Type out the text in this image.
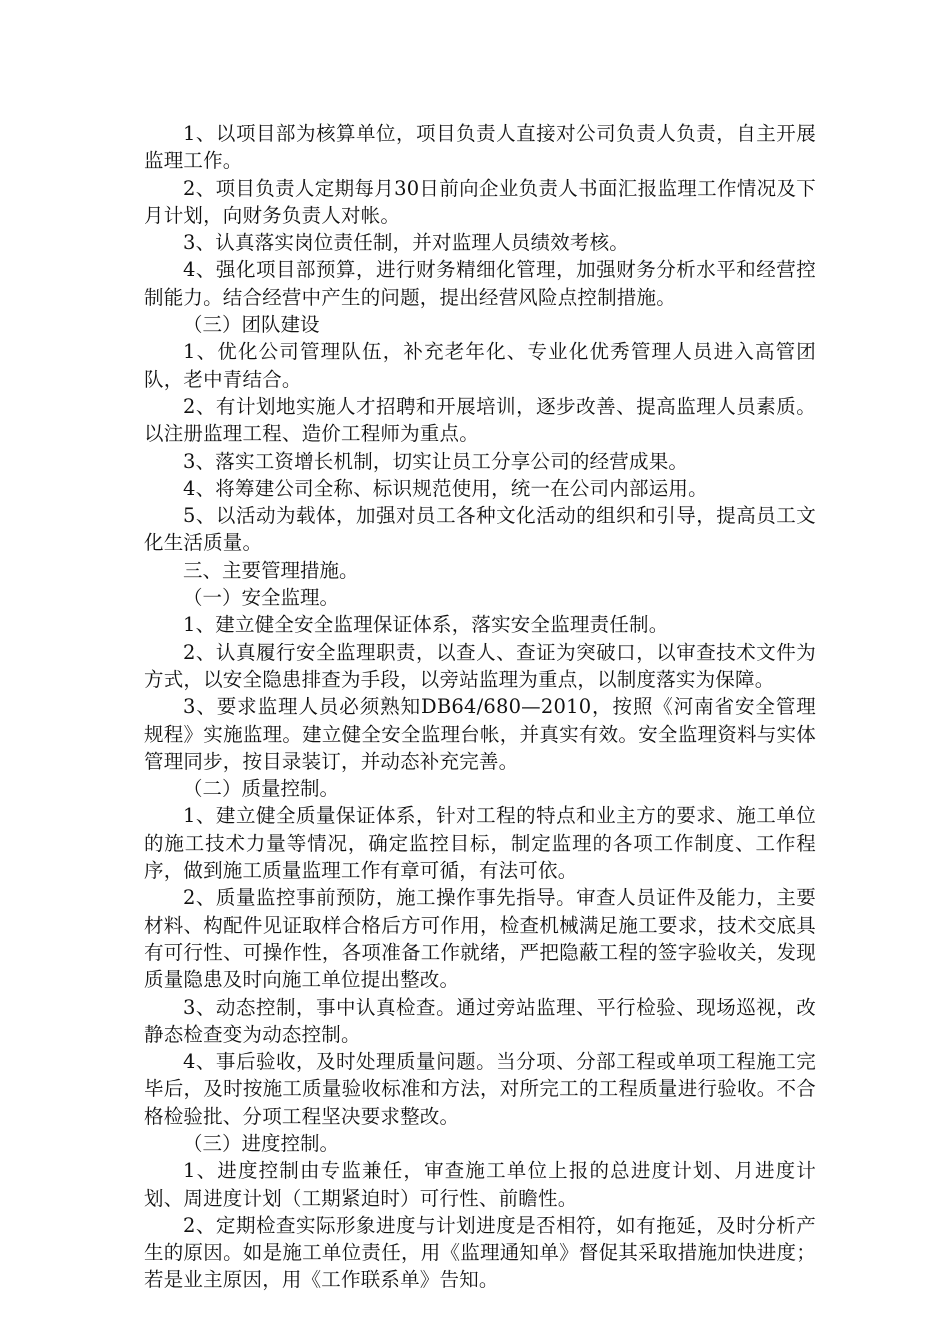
1、以项目部为核算单位，项目负责人直接对公司负责人负责，自主开展监理工作。

2、项目负责人定期每月30日前向企业负责人书面汇报监理工作情况及下月计划，向财务负责人对帐。

3、认真落实岗位责任制，并对监理人员绩效考核。

4、强化项目部预算，进行财务精细化管理，加强财务分析水平和经营控制能力。结合经营中产生的问题，提出经营风险点控制措施。

（三）团队建设

1、优化公司管理队伍，补充老年化、专业化优秀管理人员进入高管团队，老中青结合。

2、有计划地实施人才招聘和开展培训，逐步改善、提高监理人员素质。以注册监理工程、造价工程师为重点。

3、落实工资增长机制，切实让员工分享公司的经营成果。

4、将筹建公司全称、标识规范使用，统一在公司内部运用。

5、以活动为载体，加强对员工各种文化活动的组织和引导，提高员工文化生活质量。

三、主要管理措施。

（一）安全监理。

1、建立健全安全监理保证体系，落实安全监理责任制。

2、认真履行安全监理职责，以查人、查证为突破口，以审查技术文件为方式，以安全隐患排查为手段，以旁站监理为重点，以制度落实为保障。

3、要求监理人员必须熟知DB64/680—2010，按照《河南省安全管理规程》实施监理。建立健全安全监理台帐，并真实有效。安全监理资料与实体管理同步，按目录装订，并动态补充完善。

（二）质量控制。

1、建立健全质量保证体系，针对工程的特点和业主方的要求、施工单位的施工技术力量等情况，确定监控目标，制定监理的各项工作制度、工作程序，做到施工质量监理工作有章可循，有法可依。

2、质量监控事前预防，施工操作事先指导。审查人员证件及能力，主要材料、构配件见证取样合格后方可作用，检查机械满足施工要求，技术交底具有可行性、可操作性，各项准备工作就绪，严把隐蔽工程的签字验收关，发现质量隐患及时向施工单位提出整改。

3、动态控制，事中认真检查。通过旁站监理、平行检验、现场巡视，改静态检查变为动态控制。

4、事后验收，及时处理质量问题。当分项、分部工程或单项工程施工完毕后，及时按施工质量验收标准和方法，对所完工的工程质量进行验收。不合格检验批、分项工程坚决要求整改。

（三）进度控制。

1、进度控制由专监兼任，审查施工单位上报的总进度计划、月进度计划、周进度计划（工期紧迫时）可行性、前瞻性。

2、定期检查实际形象进度与计划进度是否相符，如有拖延，及时分析产生的原因。如是施工单位责任，用《监理通知单》督促其采取措施加快进度；若是业主原因，用《工作联系单》告知。
